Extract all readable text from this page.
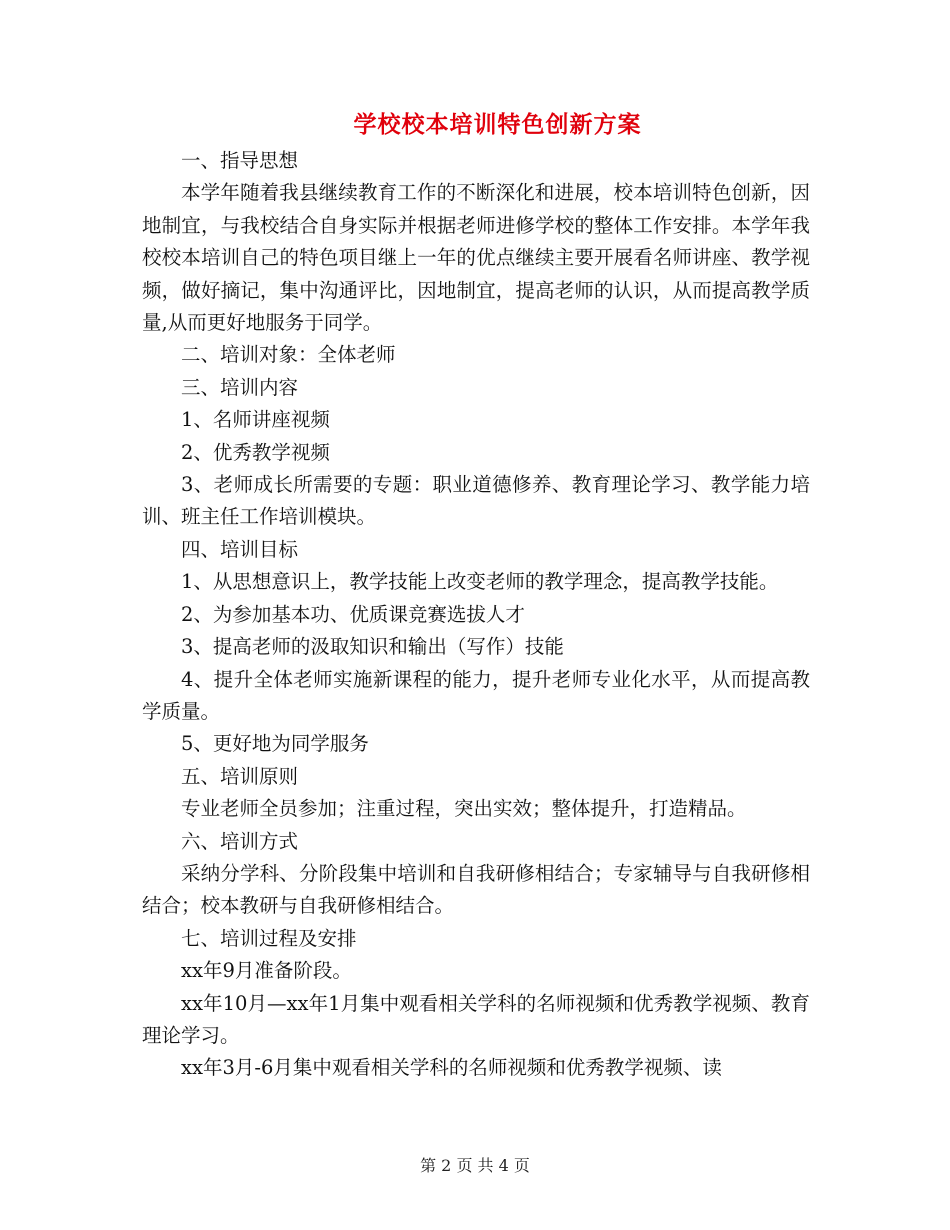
学校校本培训特色创新方案

一、指导思想

本学年随着我县继续教育工作的不断深化和进展，校本培训特色创新，因地制宜，与我校结合自身实际并根据老师进修学校的整体工作安排。本学年我校校本培训自己的特色项目继上一年的优点继续主要开展看名师讲座、教学视频，做好摘记，集中沟通评比，因地制宜，提高老师的认识，从而提高教学质量,从而更好地服务于同学。

二、培训对象：全体老师

三、培训内容

1、名师讲座视频

2、优秀教学视频

3、老师成长所需要的专题：职业道德修养、教育理论学习、教学能力培训、班主任工作培训模块。

四、培训目标

1、从思想意识上，教学技能上改变老师的教学理念，提高教学技能。

2、为参加基本功、优质课竞赛选拔人才

3、提高老师的汲取知识和输出（写作）技能

4、提升全体老师实施新课程的能力，提升老师专业化水平，从而提高教学质量。

5、更好地为同学服务

五、培训原则

专业老师全员参加；注重过程，突出实效；整体提升，打造精品。

六、培训方式

采纳分学科、分阶段集中培训和自我研修相结合；专家辅导与自我研修相结合；校本教研与自我研修相结合。

七、培训过程及安排

xx年9月准备阶段。

xx年10月—xx年1月集中观看相关学科的名师视频和优秀教学视频、教育理论学习。

xx年3月-6月集中观看相关学科的名师视频和优秀教学视频、读

第 2 页 共 4 页
